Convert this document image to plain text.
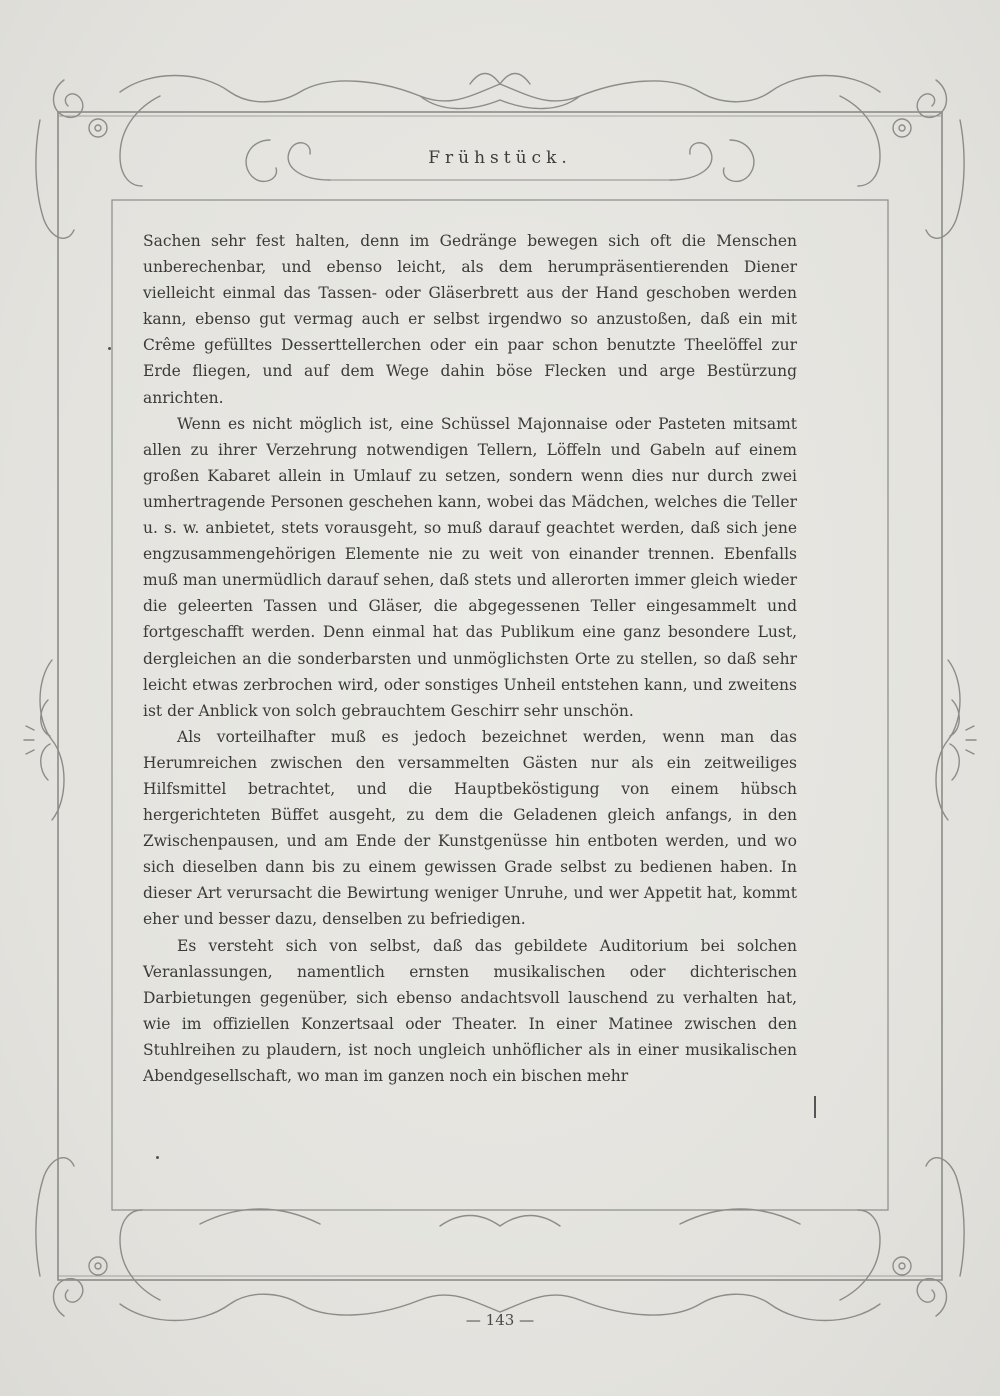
Frühstück.

Sachen sehr fest halten, denn im Gedränge bewegen sich oft die Menschen unberechenbar, und ebenso leicht, als dem herumpräsentierenden Diener vielleicht einmal das Tassen- oder Gläserbrett aus der Hand geschoben werden kann, ebenso gut vermag auch er selbst irgendwo so anzustoßen, daß ein mit Crême gefülltes Desserttellerchen oder ein paar schon benutzte Theelöffel zur Erde fliegen, und auf dem Wege dahin böse Flecken und arge Bestürzung anrichten.

Wenn es nicht möglich ist, eine Schüssel Majonnaise oder Pasteten mitsamt allen zu ihrer Verzehrung notwendigen Tellern, Löffeln und Gabeln auf einem großen Kabaret allein in Umlauf zu setzen, sondern wenn dies nur durch zwei umhertragende Personen geschehen kann, wobei das Mädchen, welches die Teller u. s. w. anbietet, stets vorausgeht, so muß darauf geachtet werden, daß sich jene engzusammengehörigen Elemente nie zu weit von einander trennen. Ebenfalls muß man unermüdlich darauf sehen, daß stets und allerorten immer gleich wieder die geleerten Tassen und Gläser, die abgegessenen Teller eingesammelt und fortgeschafft werden. Denn einmal hat das Publikum eine ganz besondere Lust, dergleichen an die sonderbarsten und unmöglichsten Orte zu stellen, so daß sehr leicht etwas zerbrochen wird, oder sonstiges Unheil entstehen kann, und zweitens ist der Anblick von solch gebrauchtem Geschirr sehr unschön.

Als vorteilhafter muß es jedoch bezeichnet werden, wenn man das Herumreichen zwischen den versammelten Gästen nur als ein zeitweiliges Hilfsmittel betrachtet, und die Hauptbeköstigung von einem hübsch hergerichteten Büffet ausgeht, zu dem die Geladenen gleich anfangs, in den Zwischenpausen, und am Ende der Kunstgenüsse hin entboten werden, und wo sich dieselben dann bis zu einem gewissen Grade selbst zu bedienen haben. In dieser Art verursacht die Bewirtung weniger Unruhe, und wer Appetit hat, kommt eher und besser dazu, denselben zu befriedigen.

Es versteht sich von selbst, daß das gebildete Auditorium bei solchen Veranlassungen, namentlich ernsten musikalischen oder dichterischen Darbietungen gegenüber, sich ebenso andachtsvoll lauschend zu verhalten hat, wie im offiziellen Konzertsaal oder Theater. In einer Matinee zwischen den Stuhlreihen zu plaudern, ist noch ungleich unhöflicher als in einer musikalischen Abendgesellschaft, wo man im ganzen noch ein bischen mehr

— 143 —
